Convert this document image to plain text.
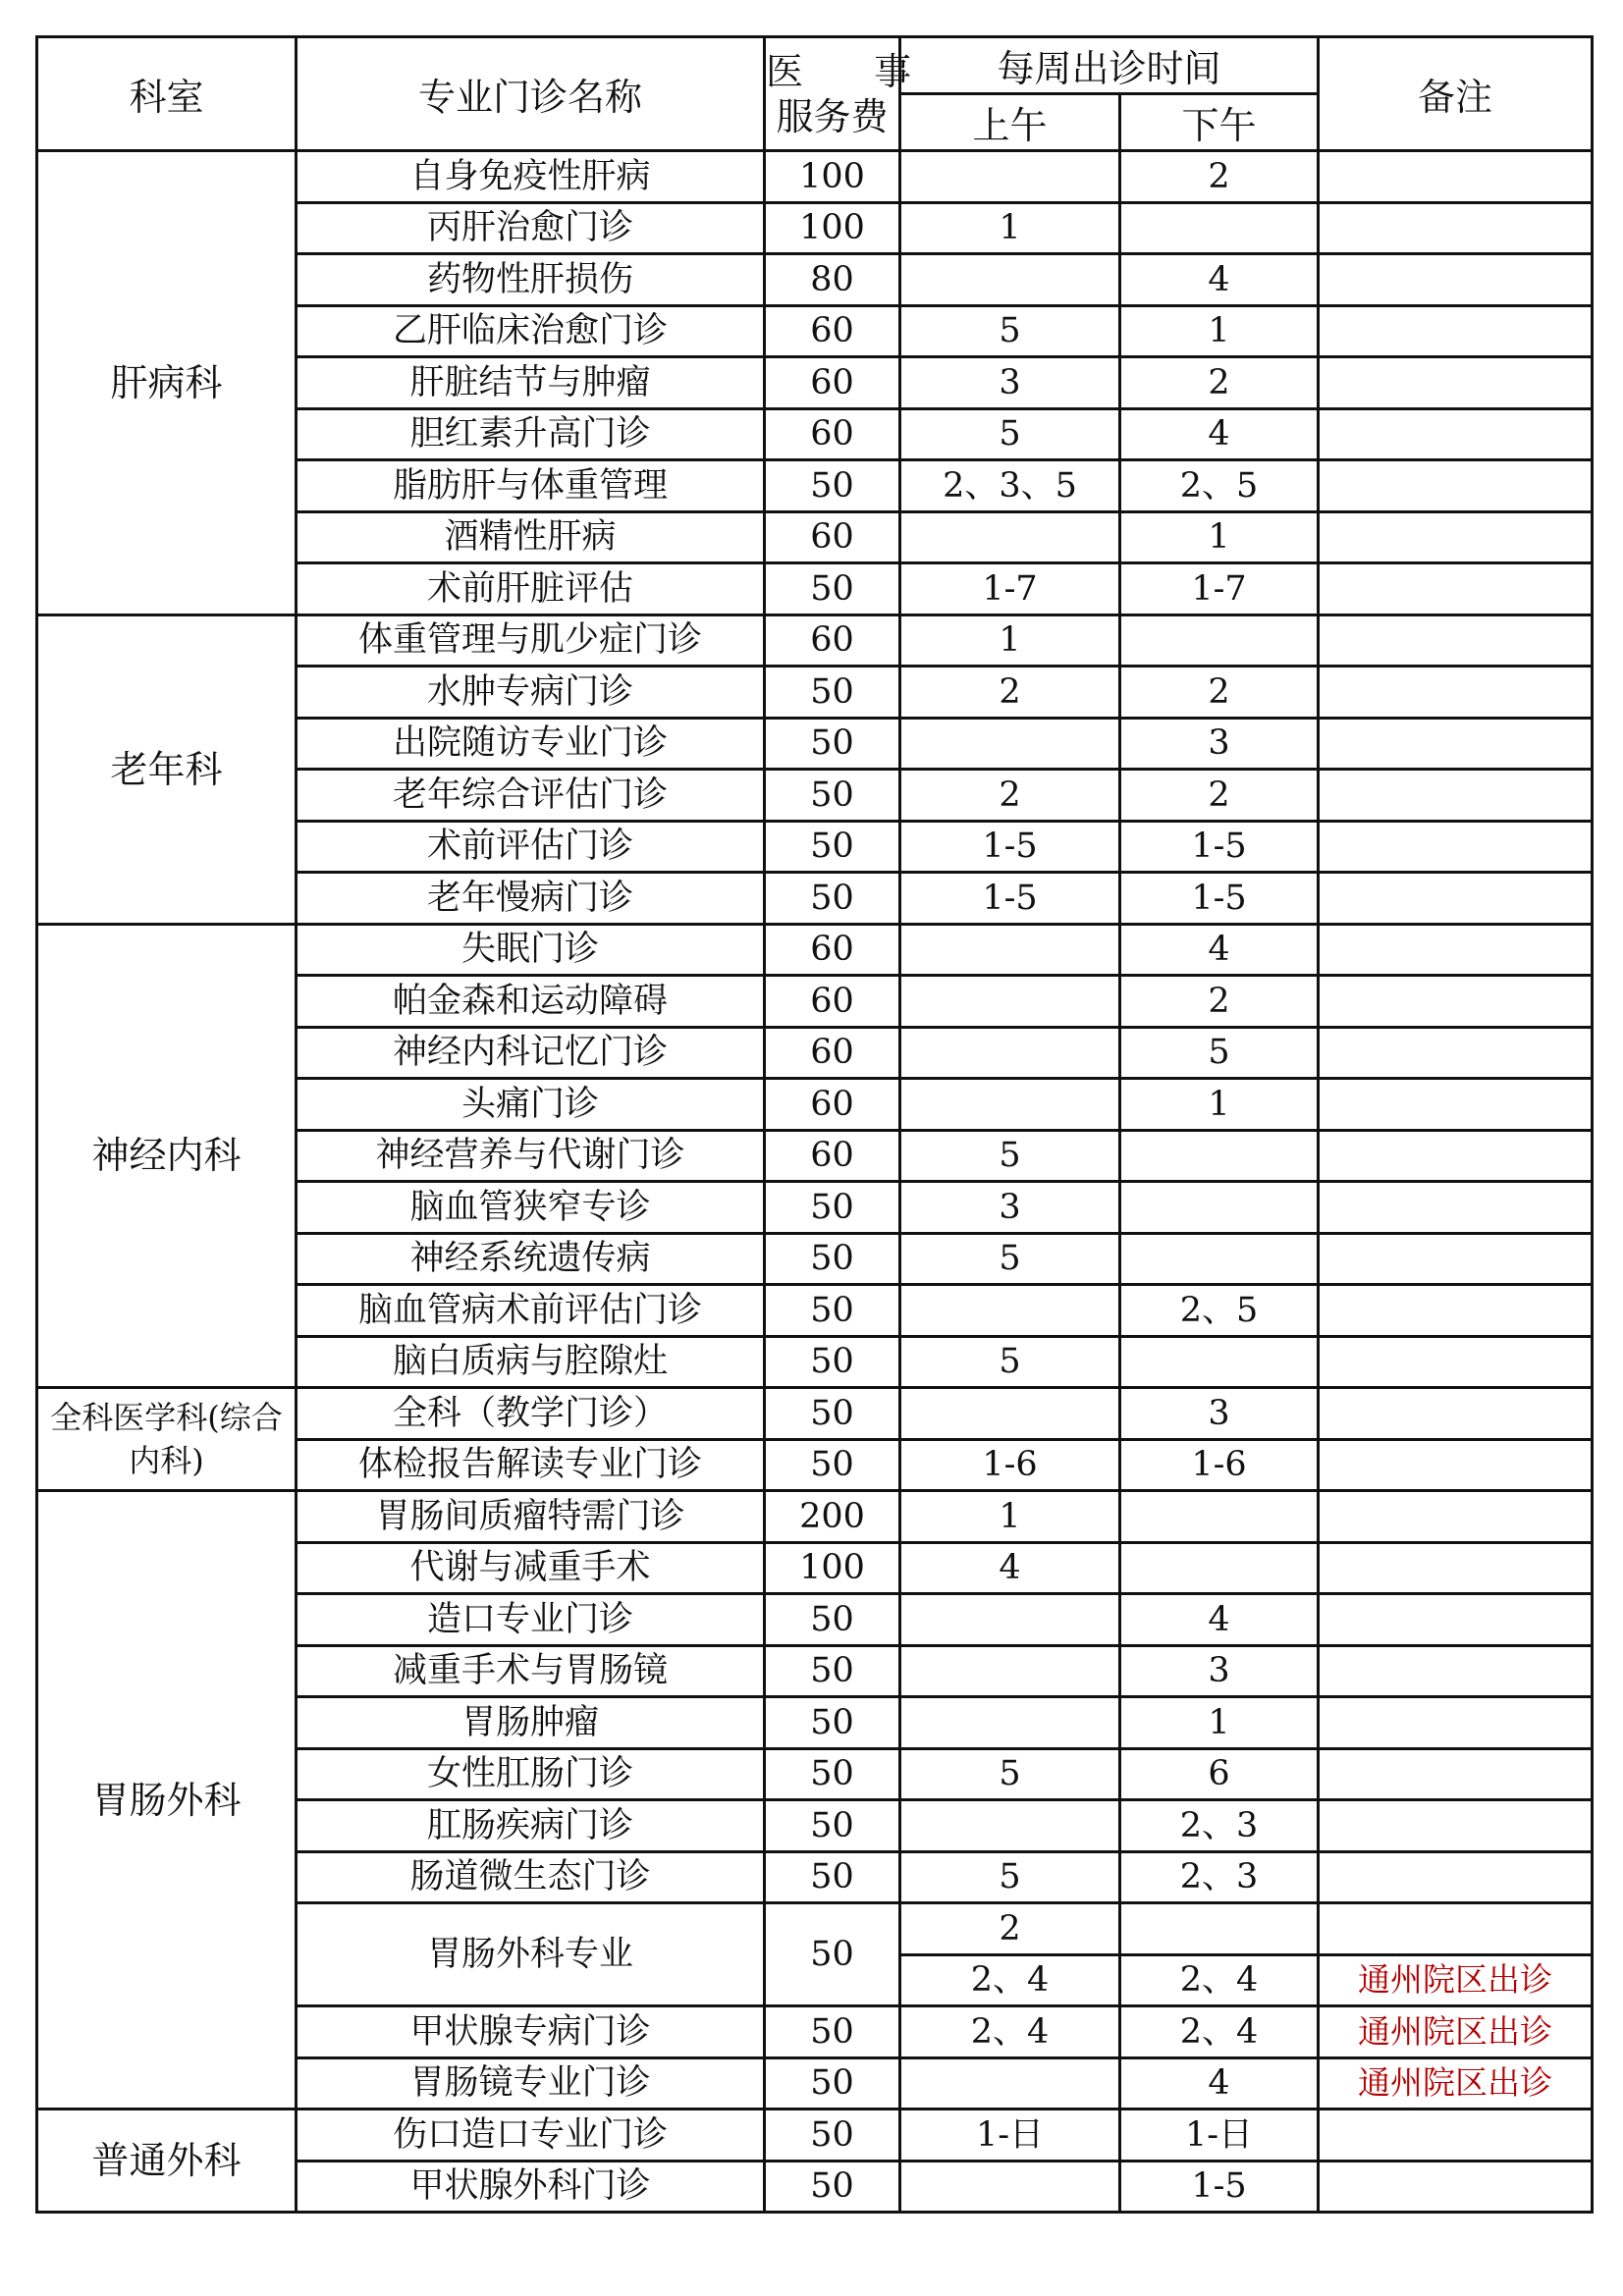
科室	专业门诊名称	医 事
服务费	每周出诊时间		备注
			上午	下午	
肝病科	自身免疫性肝病	100		2	
	丙肝治愈门诊	100	1		
	药物性肝损伤	80		4	
	乙肝临床治愈门诊	60	5	1	
	肝脏结节与肿瘤	60	3	2	
	胆红素升高门诊	60	5	4	
	脂肪肝与体重管理	50	2、3、5	2、5	
	酒精性肝病	60		1	
	术前肝脏评估	50	1-7	1-7	
老年科	体重管理与肌少症门诊	60	1		
	水肿专病门诊	50	2	2	
	出院随访专业门诊	50		3	
	老年综合评估门诊	50	2	2	
	术前评估门诊	50	1-5	1-5	
	老年慢病门诊	50	1-5	1-5	
神经内科	失眠门诊	60		4	
	帕金森和运动障碍	60		2	
	神经内科记忆门诊	60		5	
	头痛门诊	60		1	
	神经营养与代谢门诊	60	5		
	脑血管狭窄专诊	50	3		
	神经系统遗传病	50	5		
	脑血管病术前评估门诊	50		2、5	
	脑白质病与腔隙灶	50	5		
全科医学科(综合内科)	全科（教学门诊）	50		3	
	体检报告解读专业门诊	50	1-6	1-6	
胃肠外科	胃肠间质瘤特需门诊	200	1		
	代谢与减重手术	100	4		
	造口专业门诊	50		4	
	减重手术与胃肠镜	50		3	
	胃肠肿瘤	50		1	
	女性肛肠门诊	50	5	6	
	肛肠疾病门诊	50		2、3	
	肠道微生态门诊	50	5	2、3	
	胃肠外科专业	50	2		
			2、4	2、4	通州院区出诊
	甲状腺专病门诊	50	2、4	2、4	通州院区出诊
	胃肠镜专业门诊	50		4	通州院区出诊
普通外科	伤口造口专业门诊	50	1-日	1-日	
	甲状腺外科门诊	50		1-5	
